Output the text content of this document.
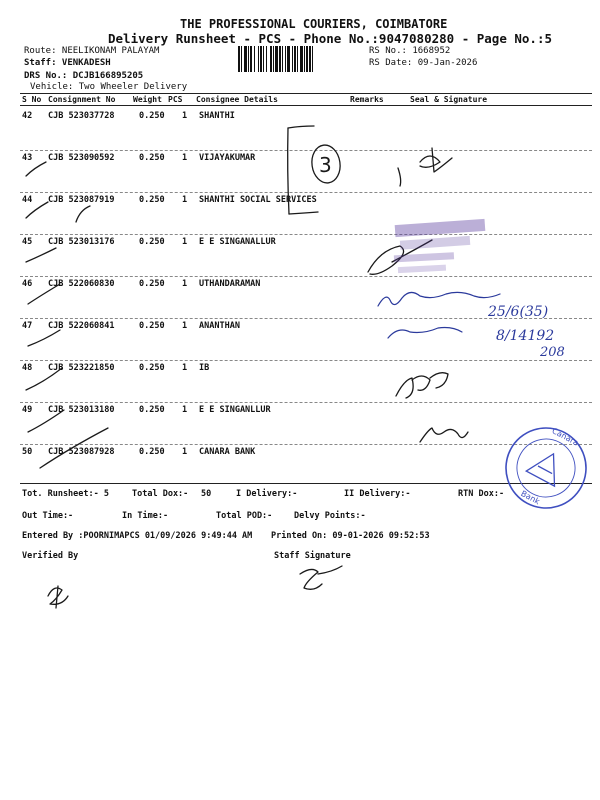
THE PROFESSIONAL COURIERS, COIMBATORE
Delivery Runsheet - PCS - Phone No.:9047080280 - Page No.:5
Route: NEELIKONAM PALAYAM
Staff: VENKADESH
DRS No.: DCJB166895205
Vehicle: Two Wheeler Delivery
RS No.: 1668952
RS Date: 09-Jan-2026
S No Consignment No Weight PCS Consignee Details	Remarks	Seal & Signature
42 CJB 523037728	0.250 1 SHANTHI
43 CJB 523090592	0.250 1 VIJAYAKUMAR
44 CJB 523087919	0.250 1 SHANTHI SOCIAL SERVICES
45 CJB 523013176	0.250 1 E E SINGANALLUR
46 CJB 522060830	0.250 1 UTHANDARAMAN
47 CJB 522060841	0.250 1 ANANTHAN
48 CJB 523221850	0.250 1 IB
49 CJB 523013180	0.250 1 E E SINGANLLUR
50 CJB 523087928	0.250 1 CANARA BANK
Tot. Runsheet:- 5	Total Dox:- 50	I Delivery:-	II Delivery:-	RTN Dox:-
Out Time:-	In Time:-	Total POD:-	Delvy Points:-
Entered By :POORNIMAPCS 01/09/2026 9:49:44 AM Printed On: 09-01-2026 09:52:53
Verified By	Staff Signature
25/6(35)
8/14192
208
3
Canara
Bank
